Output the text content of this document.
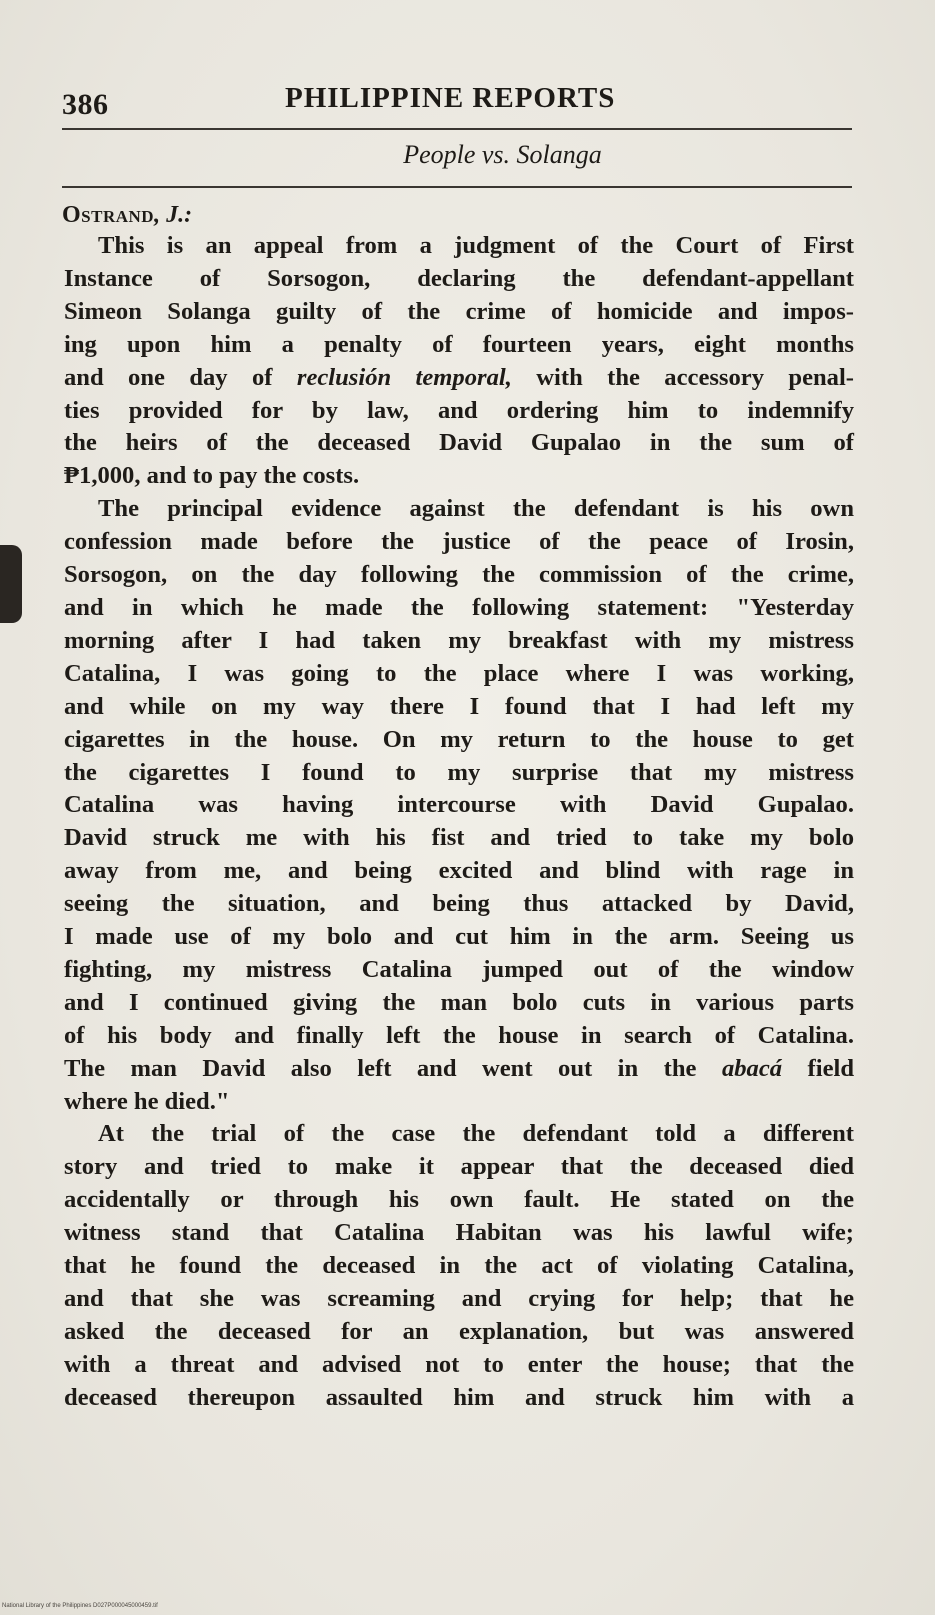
386	PHILIPPINE REPORTS
People vs. Solanga
Ostrand, J.:
This is an appeal from a judgment of the Court of First
Instance of Sorsogon, declaring the defendant-appellant
Simeon Solanga guilty of the crime of homicide and impos-
ing upon him a penalty of fourteen years, eight months
and one day of reclusión temporal, with the accessory penal-
ties provided for by law, and ordering him to indemnify
the heirs of the deceased David Gupalao in the sum of
₱1,000, and to pay the costs.
The principal evidence against the defendant is his own
confession made before the justice of the peace of Irosin,
Sorsogon, on the day following the commission of the crime,
and in which he made the following statement: "Yesterday
morning after I had taken my breakfast with my mistress
Catalina, I was going to the place where I was working,
and while on my way there I found that I had left my
cigarettes in the house. On my return to the house to get
the cigarettes I found to my surprise that my mistress
Catalina was having intercourse with David Gupalao.
David struck me with his fist and tried to take my bolo
away from me, and being excited and blind with rage in
seeing the situation, and being thus attacked by David,
I made use of my bolo and cut him in the arm. Seeing us
fighting, my mistress Catalina jumped out of the window
and I continued giving the man bolo cuts in various parts
of his body and finally left the house in search of Catalina.
The man David also left and went out in the abacá field
where he died."
At the trial of the case the defendant told a different
story and tried to make it appear that the deceased died
accidentally or through his own fault. He stated on the
witness stand that Catalina Habitan was his lawful wife;
that he found the deceased in the act of violating Catalina,
and that she was screaming and crying for help; that he
asked the deceased for an explanation, but was answered
with a threat and advised not to enter the house; that the
deceased thereupon assaulted him and struck him with a
National Library of the Philippines D027P000045000459.tif
